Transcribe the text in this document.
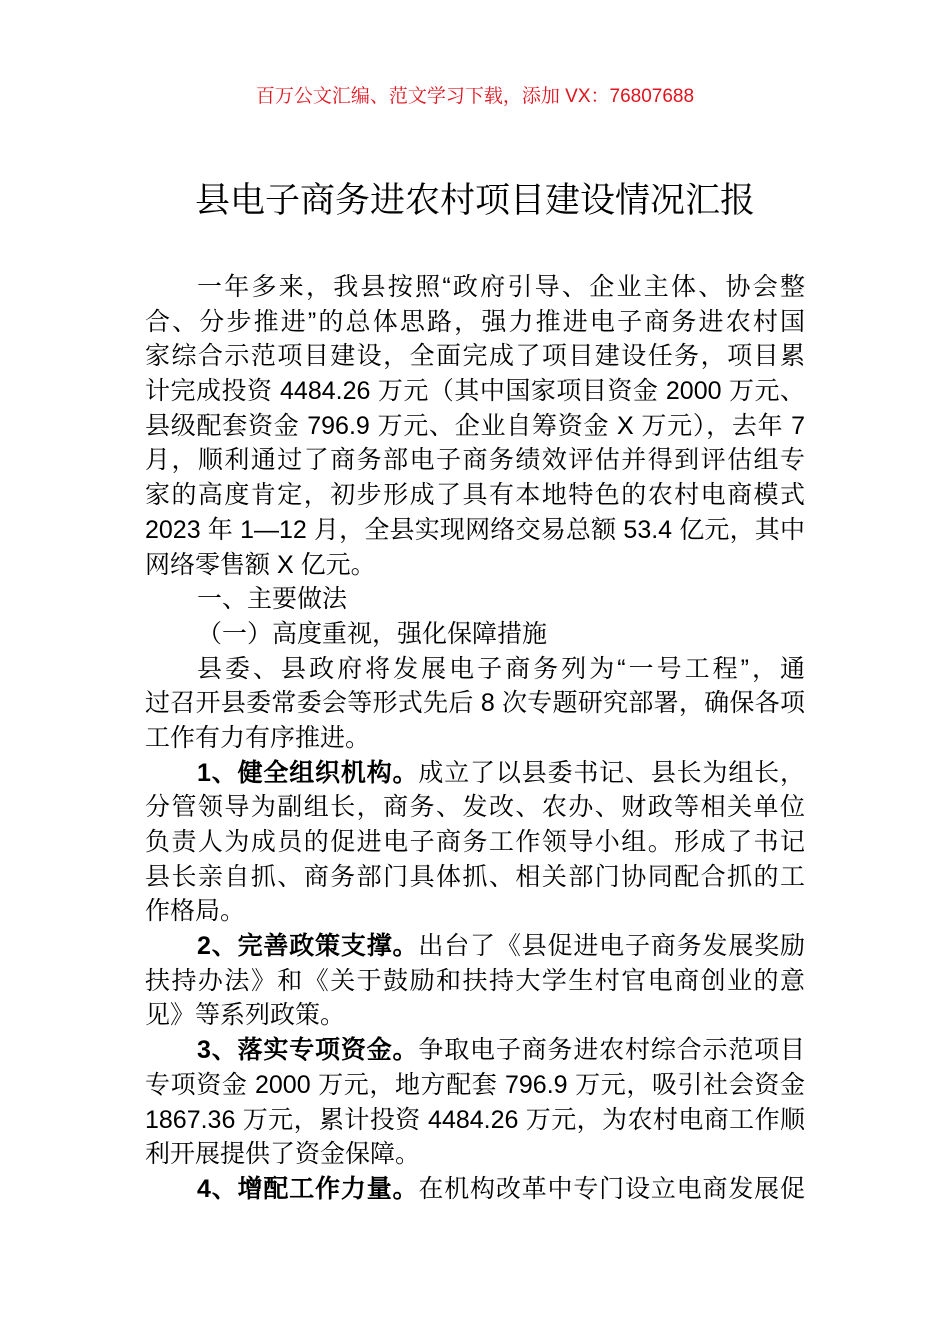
百万公文汇编、范文学习下载，添加 VX：76807688
县电子商务进农村项目建设情况汇报
一年多来，我县按照“政府引导、企业主体、协会整
合、分步推进”的总体思路，强力推进电子商务进农村国
家综合示范项目建设，全面完成了项目建设任务，项目累
计完成投资 4484.26 万元（其中国家项目资金 2000 万元、
县级配套资金 796.9 万元、企业自筹资金 X 万元），去年 7
月，顺利通过了商务部电子商务绩效评估并得到评估组专
家的高度肯定，初步形成了具有本地特色的农村电商模式
2023 年 1—12 月，全县实现网络交易总额 53.4 亿元，其中
网络零售额 X 亿元。
一、主要做法
（一）高度重视，强化保障措施
县委、县政府将发展电子商务列为“一号工程”，通
过召开县委常委会等形式先后 8 次专题研究部署，确保各项
工作有力有序推进。
1、健全组织机构。成立了以县委书记、县长为组长，
分管领导为副组长，商务、发改、农办、财政等相关单位
负责人为成员的促进电子商务工作领导小组。形成了书记
县长亲自抓、商务部门具体抓、相关部门协同配合抓的工
作格局。
2、完善政策支撑。出台了《县促进电子商务发展奖励
扶持办法》和《关于鼓励和扶持大学生村官电商创业的意
见》等系列政策。
3、落实专项资金。争取电子商务进农村综合示范项目
专项资金 2000 万元，地方配套 796.9 万元，吸引社会资金
1867.36 万元，累计投资 4484.26 万元，为农村电商工作顺
利开展提供了资金保障。
4、增配工作力量。在机构改革中专门设立电商发展促
